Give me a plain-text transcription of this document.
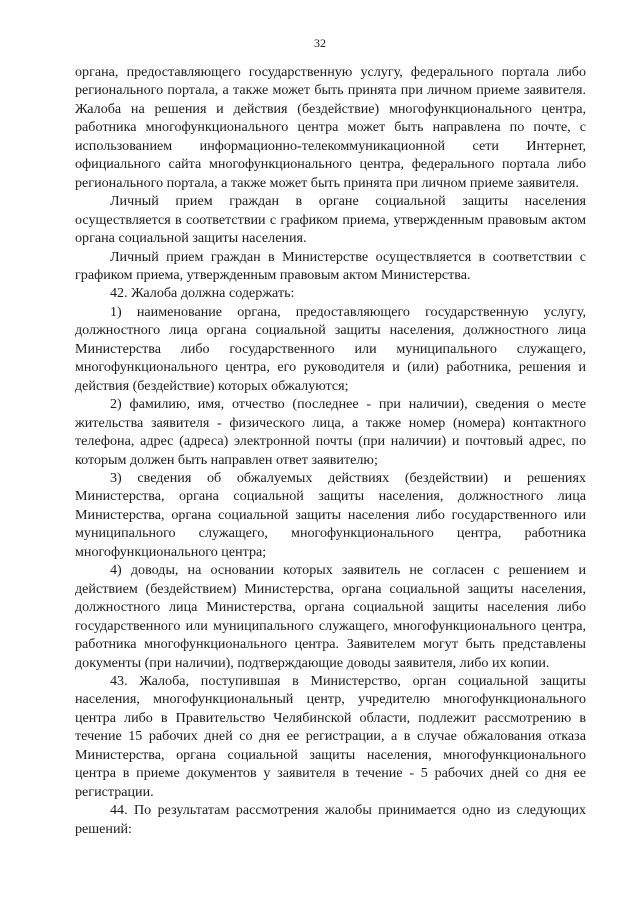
32

органа, предоставляющего государственную услугу, федерального портала либо регионального портала, а также может быть принята при личном приеме заявителя. Жалоба на решения и действия (бездействие) многофункционального центра, работника многофункционального центра может быть направлена по почте, с использованием информационно-телекоммуникационной сети Интернет, официального сайта многофункционального центра, федерального портала либо регионального портала, а также может быть принята при личном приеме заявителя.

Личный прием граждан в органе социальной защиты населения осуществляется в соответствии с графиком приема, утвержденным правовым актом органа социальной защиты населения.

Личный прием граждан в Министерстве осуществляется в соответствии с графиком приема, утвержденным правовым актом Министерства.

42. Жалоба должна содержать:

1) наименование органа, предоставляющего государственную услугу, должностного лица органа социальной защиты населения, должностного лица Министерства либо государственного или муниципального служащего, многофункционального центра, его руководителя и (или) работника, решения и действия (бездействие) которых обжалуются;

2) фамилию, имя, отчество (последнее - при наличии), сведения о месте жительства заявителя - физического лица, а также номер (номера) контактного телефона, адрес (адреса) электронной почты (при наличии) и почтовый адрес, по которым должен быть направлен ответ заявителю;

3) сведения об обжалуемых действиях (бездействии) и решениях Министерства, органа социальной защиты населения, должностного лица Министерства, органа социальной защиты населения либо государственного или муниципального служащего, многофункционального центра, работника многофункционального центра;

4) доводы, на основании которых заявитель не согласен с решением и действием (бездействием) Министерства, органа социальной защиты населения, должностного лица Министерства, органа социальной защиты населения либо государственного или муниципального служащего, многофункционального центра, работника многофункционального центра. Заявителем могут быть представлены документы (при наличии), подтверждающие доводы заявителя, либо их копии.

43. Жалоба, поступившая в Министерство, орган социальной защиты населения, многофункциональный центр, учредителю многофункционального центра либо в Правительство Челябинской области, подлежит рассмотрению в течение 15 рабочих дней со дня ее регистрации, а в случае обжалования отказа Министерства, органа социальной защиты населения, многофункционального центра в приеме документов у заявителя в течение - 5 рабочих дней со дня ее регистрации.

44. По результатам рассмотрения жалобы принимается одно из следующих решений:
